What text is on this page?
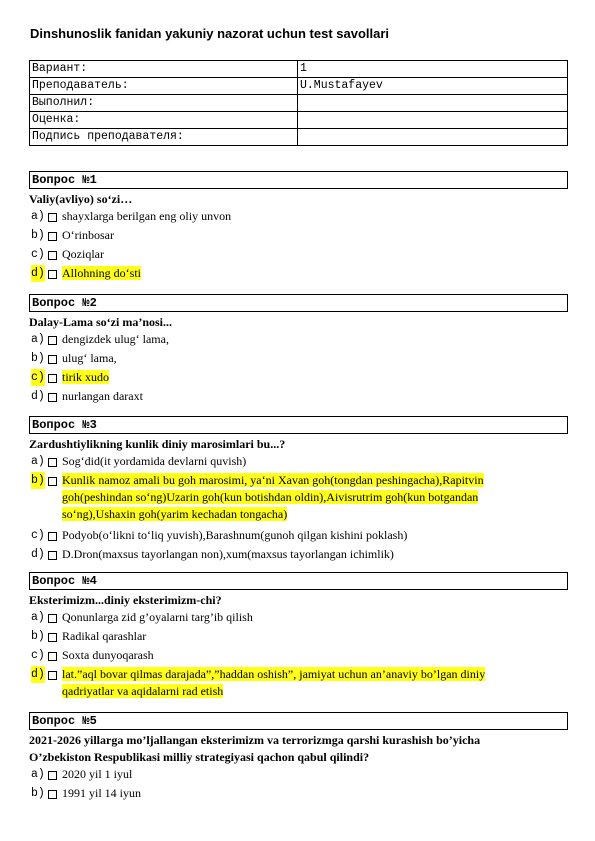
Dinshunoslik fanidan yakuniy nazorat uchun test savollari
Вариант:	1
Преподаватель:	U.Mustafayev
Выполнил:	
Оценка:	
Подпись преподавателя:	
Вопрос №1
Valiy(avliyo) so‘zi…
a) shayxlarga berilgan eng oliy unvon
b) O‘rinbosar
c) Qoziqlar
d) Allohning do‘sti
Вопрос №2
Dalay-Lama so‘zi ma’nosi...
a) dengizdek ulug‘ lama,
b) ulug‘ lama,
c) tirik xudo
d) nurlangan daraxt
Вопрос №3
Zardushtiylikning kunlik diniy marosimlari bu...?
a) Sog‘did(it yordamida devlarni quvish)
b) Kunlik namoz amali bu goh marosimi, ya‘ni Xavan goh(tongdan peshingacha),Rapitvin
goh(peshindan so‘ng)Uzarin goh(kun botishdan oldin),Aivisrutrim goh(kun botgandan
so‘ng),Ushaxin goh(yarim kechadan tongacha)
c) Podyob(o‘likni to‘liq yuvish),Barashnum(gunoh qilgan kishini poklash)
d) D.Dron(maxsus tayorlangan non),xum(maxsus tayorlangan ichimlik)
Вопрос №4
Eksterimizm...diniy eksterimizm-chi?
a) Qonunlarga zid g’oyalarni targ’ib qilish
b) Radikal qarashlar
c) Soxta dunyoqarash
d) lat.”aql bovar qilmas darajada”,”haddan oshish”, jamiyat uchun an’anaviy bo’lgan diniy
qadriyatlar va aqidalarni rad etish
Вопрос №5
2021-2026 yillarga mo’ljallangan eksterimizm va terrorizmga qarshi kurashish bo’yicha
O’zbekiston Respublikasi milliy strategiyasi qachon qabul qilindi?
a) 2020 yil 1 iyul
b) 1991 yil 14 iyun
